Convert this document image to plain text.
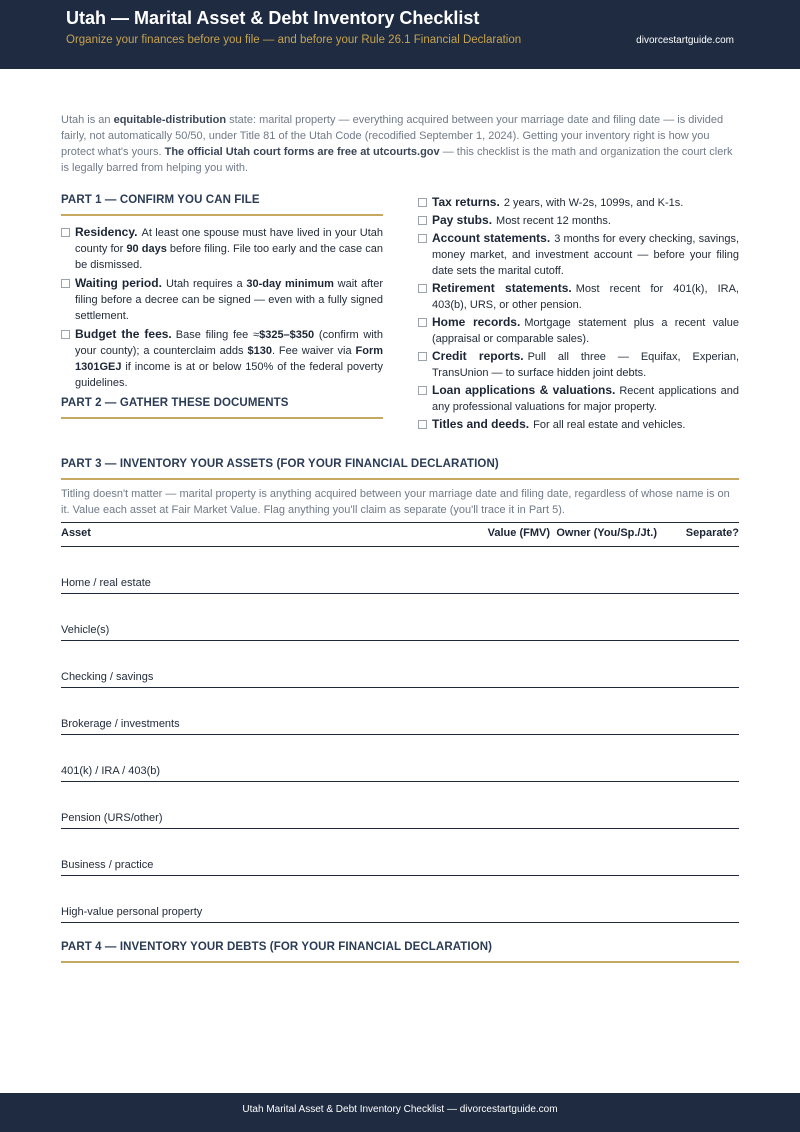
Utah — Marital Asset & Debt Inventory Checklist
Organize your finances before you file — and before your Rule 26.1 Financial Declaration	divorcestartguide.com
Utah is an equitable-distribution state: marital property — everything acquired between your marriage date and filing date — is divided fairly, not automatically 50/50, under Title 81 of the Utah Code (recodified September 1, 2024). Getting your inventory right is how you protect what's yours. The official Utah court forms are free at utcourts.gov — this checklist is the math and organization the court clerk is legally barred from helping you with.
PART 1 — CONFIRM YOU CAN FILE
Residency. At least one spouse must have lived in your Utah county for 90 days before filing. File too early and the case can be dismissed.
Waiting period. Utah requires a 30-day minimum wait after filing before a decree can be signed — even with a fully signed settlement.
Budget the fees. Base filing fee ≈$325–$350 (confirm with your county); a counterclaim adds $130. Fee waiver via Form 1301GEJ if income is at or below 150% of the federal poverty guidelines.
PART 2 — GATHER THESE DOCUMENTS
Tax returns. 2 years, with W-2s, 1099s, and K-1s.
Pay stubs. Most recent 12 months.
Account statements. 3 months for every checking, savings, money market, and investment account — before your filing date sets the marital cutoff.
Retirement statements. Most recent for 401(k), IRA, 403(b), URS, or other pension.
Home records. Mortgage statement plus a recent value (appraisal or comparable sales).
Credit reports. Pull all three — Equifax, Experian, TransUnion — to surface hidden joint debts.
Loan applications & valuations. Recent applications and any professional valuations for major property.
Titles and deeds. For all real estate and vehicles.
PART 3 — INVENTORY YOUR ASSETS (FOR YOUR FINANCIAL DECLARATION)
Titling doesn't matter — marital property is anything acquired between your marriage date and filing date, regardless of whose name is on it. Value each asset at Fair Market Value. Flag anything you'll claim as separate (you'll trace it in Part 5).
Asset	Value (FMV) Owner (You/Sp./Jt.)	Separate?
Home / real estate
Vehicle(s)
Checking / savings
Brokerage / investments
401(k) / IRA / 403(b)
Pension (URS/other)
Business / practice
High-value personal property
PART 4 — INVENTORY YOUR DEBTS (FOR YOUR FINANCIAL DECLARATION)
Utah Marital Asset & Debt Inventory Checklist — divorcestartguide.com
